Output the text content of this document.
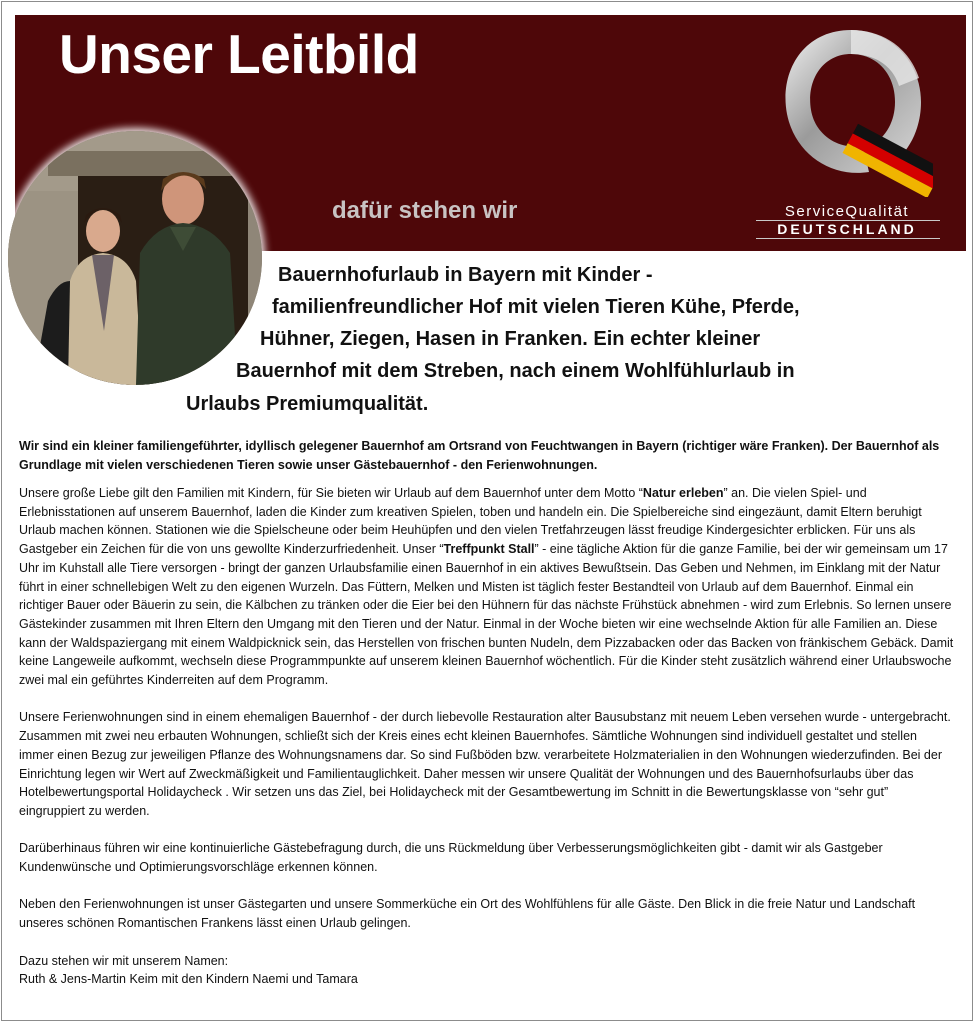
Unser Leitbild
dafür stehen wir	ServiceQualität
DEUTSCHLAND
Bauernhofurlaub in Bayern mit Kinder -
familienfreundlicher Hof mit vielen Tieren Kühe, Pferde,
Hühner, Ziegen, Hasen in Franken. Ein echter kleiner
Bauernhof mit dem Streben, nach einem Wohlfühlurlaub in
Urlaubs Premiumqualität.
Wir sind ein kleiner familiengeführter, idyllisch gelegener Bauernhof am Ortsrand von Feuchtwangen in Bayern (richtiger wäre Franken). Der Bauernhof als Grundlage mit vielen verschiedenen Tieren sowie unser Gästebauernhof - den Ferienwohnungen.

Unsere große Liebe gilt den Familien mit Kindern, für Sie bieten wir Urlaub auf dem Bauernhof unter dem Motto “Natur erleben” an. Die vielen Spiel- und Erlebnisstationen auf unserem Bauernhof, laden die Kinder zum kreativen Spielen, toben und handeln ein. Die Spielbereiche sind eingezäunt, damit Eltern beruhigt Urlaub machen können. Stationen wie die Spielscheune oder beim Heuhüpfen und den vielen Tretfahrzeugen lässt freudige Kindergesichter erblicken. Für uns als Gastgeber ein Zeichen für die von uns gewollte Kinderzurfriedenheit. Unser “Treffpunkt Stall” - eine tägliche Aktion für die ganze Familie, bei der wir gemeinsam um 17 Uhr im Kuhstall alle Tiere versorgen - bringt der ganzen Urlaubsfamilie einen Bauernhof in ein aktives Bewußtsein. Das Geben und Nehmen, im Einklang mit der Natur führt in einer schnellebigen Welt zu den eigenen Wurzeln. Das Füttern, Melken und Misten ist täglich fester Bestandteil von Urlaub auf dem Bauernhof. Einmal ein richtiger Bauer oder Bäuerin zu sein, die Kälbchen zu tränken oder die Eier bei den Hühnern für das nächste Frühstück abnehmen - wird zum Erlebnis. So lernen unsere Gästekinder zusammen mit Ihren Eltern den Umgang mit den Tieren und der Natur. Einmal in der Woche bieten wir eine wechselnde Aktion für alle Familien an. Diese kann der Waldspaziergang mit einem Waldpicknick sein, das Herstellen von frischen bunten Nudeln, dem Pizzabacken oder das Backen von fränkischem Gebäck. Damit keine Langeweile aufkommt, wechseln diese Programmpunkte auf unserem kleinen Bauernhof wöchentlich. Für die Kinder steht zusätzlich während einer Urlaubswoche zwei mal ein geführtes Kinderreiten auf dem Programm.

Unsere Ferienwohnungen sind in einem ehemaligen Bauernhof - der durch liebevolle Restauration alter Bausubstanz mit neuem Leben versehen wurde - untergebracht. Zusammen mit zwei neu erbauten Wohnungen, schließt sich der Kreis eines echt kleinen Bauernhofes. Sämtliche Wohnungen sind individuell gestaltet und stellen immer einen Bezug zur jeweiligen Pflanze des Wohnungsnamens dar. So sind Fußböden bzw. verarbeitete Holzmaterialien in den Wohnungen wiederzufinden. Bei der Einrichtung legen wir Wert auf Zweckmäßigkeit und Familientauglichkeit. Daher messen wir unsere Qualität der Wohnungen und des Bauernhofsurlaubs über das Hotelbewertungsportal Holidaycheck . Wir setzen uns das Ziel, bei Holidaycheck mit der Gesamtbewertung im Schnitt in die Bewertungsklasse von “sehr gut” eingruppiert zu werden.

Darüberhinaus führen wir eine kontinuierliche Gästebefragung durch, die uns Rückmeldung über Verbesserungsmöglichkeiten gibt - damit wir als Gastgeber Kundenwünsche und Optimierungsvorschläge erkennen können.

Neben den Ferienwohnungen ist unser Gästegarten und unsere Sommerküche ein Ort des Wohlfühlens für alle Gäste. Den Blick in die freie Natur und Landschaft unseres schönen Romantischen Frankens lässt einen Urlaub gelingen.

Dazu stehen wir mit unserem Namen:
Ruth & Jens-Martin Keim mit den Kindern Naemi und Tamara
